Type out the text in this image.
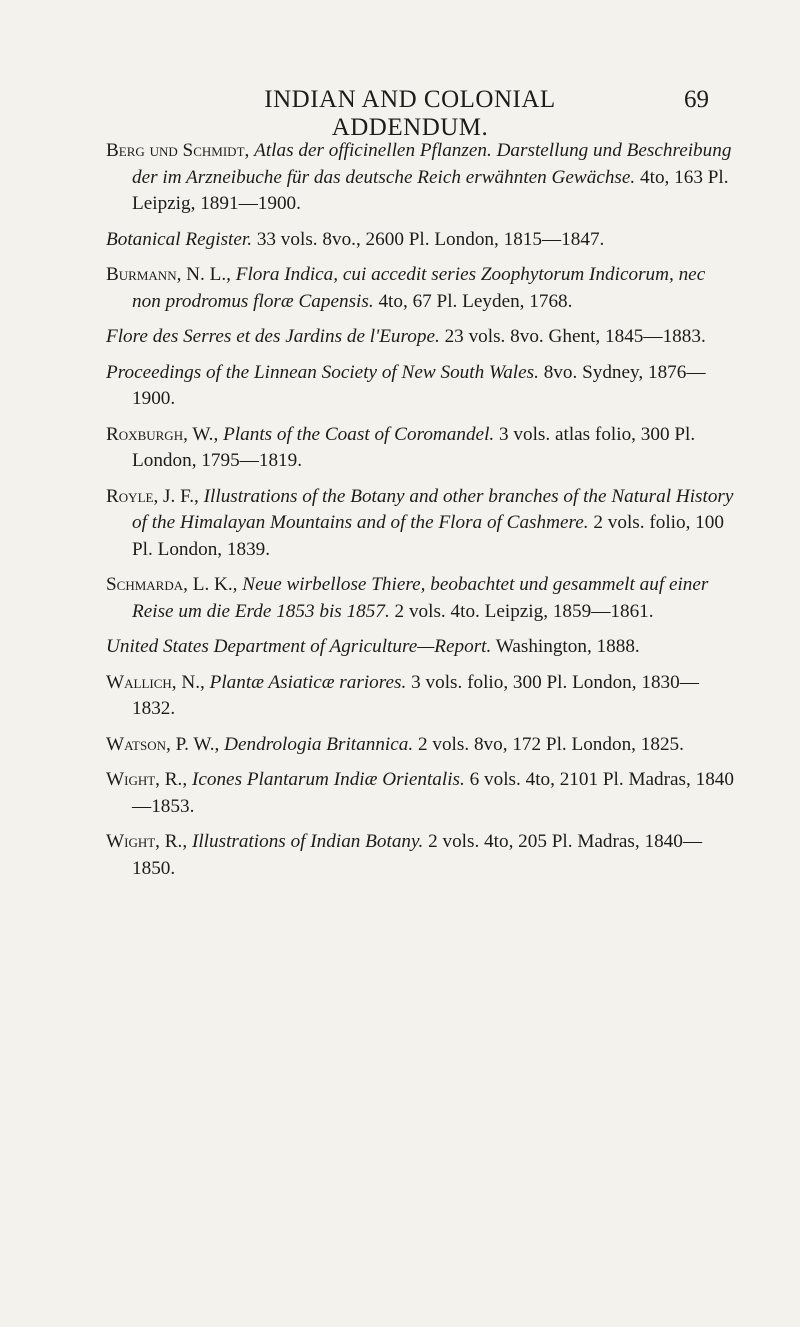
INDIAN AND COLONIAL ADDENDUM.
69

Berg und Schmidt, Atlas der officinellen Pflanzen. Darstellung und Beschreibung der im Arzneibuche für das deutsche Reich erwähnten Gewächse. 4to, 163 Pl. Leipzig, 1891—1900.

Botanical Register. 33 vols. 8vo., 2600 Pl. London, 1815—1847.

Burmann, N. L., Flora Indica, cui accedit series Zoophytorum Indicorum, nec non prodromus floræ Capensis. 4to, 67 Pl. Leyden, 1768.

Flore des Serres et des Jardins de l'Europe. 23 vols. 8vo. Ghent, 1845—1883.

Proceedings of the Linnean Society of New South Wales. 8vo. Sydney, 1876—1900.

Roxburgh, W., Plants of the Coast of Coromandel. 3 vols. atlas folio, 300 Pl. London, 1795—1819.

Royle, J. F., Illustrations of the Botany and other branches of the Natural History of the Himalayan Mountains and of the Flora of Cashmere. 2 vols. folio, 100 Pl. London, 1839.

Schmarda, L. K., Neue wirbellose Thiere, beobachtet und gesammelt auf einer Reise um die Erde 1853 bis 1857. 2 vols. 4to. Leipzig, 1859—1861.

United States Department of Agriculture—Report. Washington, 1888.

Wallich, N., Plantæ Asiaticæ rariores. 3 vols. folio, 300 Pl. London, 1830—1832.

Watson, P. W., Dendrologia Britannica. 2 vols. 8vo, 172 Pl. London, 1825.

Wight, R., Icones Plantarum Indiæ Orientalis. 6 vols. 4to, 2101 Pl. Madras, 1840—1853.

Wight, R., Illustrations of Indian Botany. 2 vols. 4to, 205 Pl. Madras, 1840—1850.
